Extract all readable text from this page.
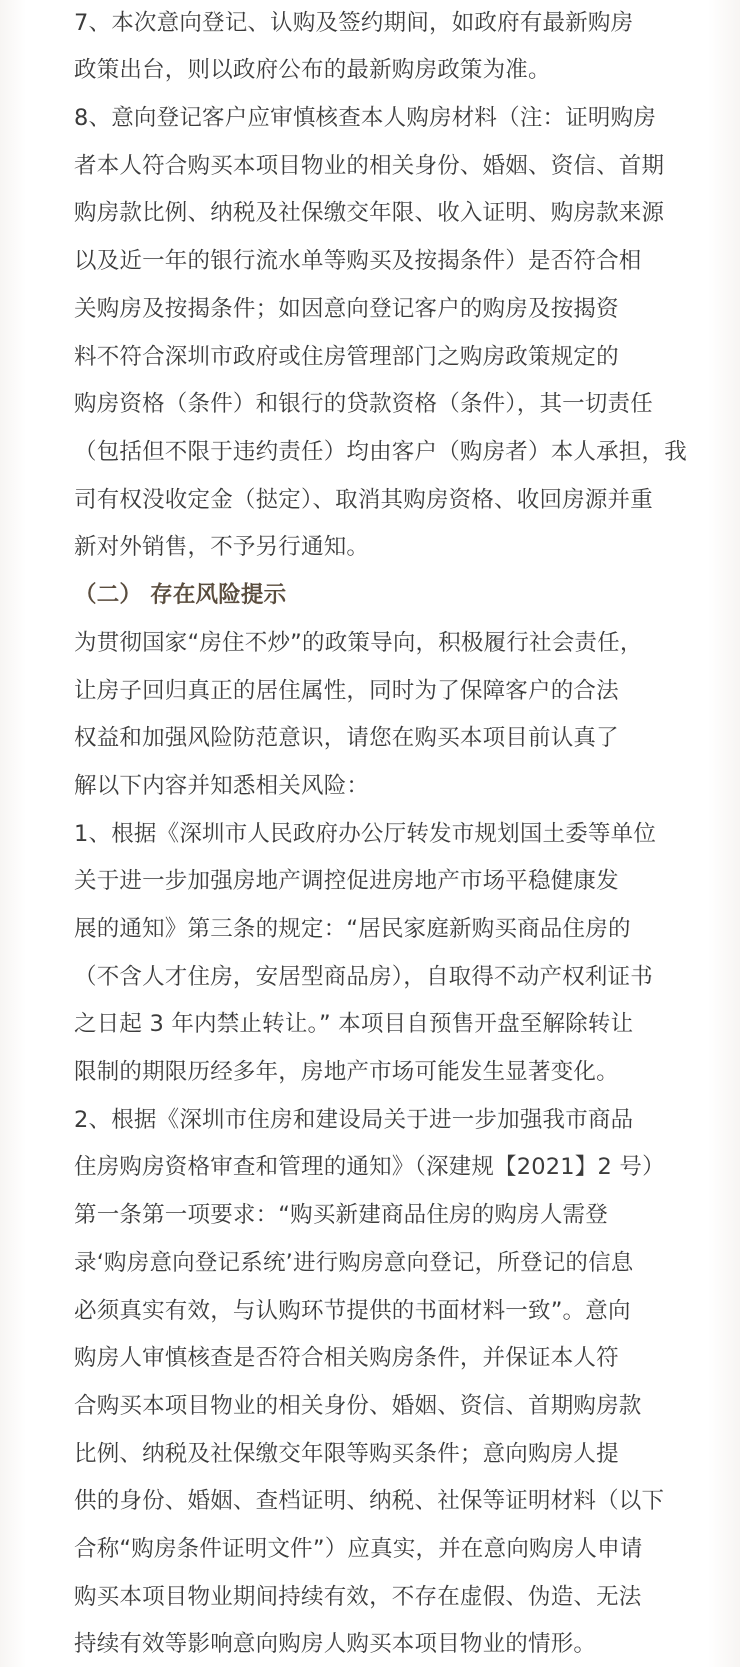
7、本次意向登记、认购及签约期间，如政府有最新购房
政策出台，则以政府公布的最新购房政策为准。
8、意向登记客户应审慎核查本人购房材料（注：证明购房
者本人符合购买本项目物业的相关身份、婚姻、资信、首期
购房款比例、纳税及社保缴交年限、收入证明、购房款来源
以及近一年的银行流水单等购买及按揭条件）是否符合相
关购房及按揭条件；如因意向登记客户的购房及按揭资
料不符合深圳市政府或住房管理部门之购房政策规定的
购房资格（条件）和银行的贷款资格（条件），其一切责任
（包括但不限于违约责任）均由客户（购房者）本人承担，我
司有权没收定金（挞定）、取消其购房资格、收回房源并重
新对外销售，不予另行通知。
（二） 存在风险提示
为贯彻国家“房住不炒”的政策导向，积极履行社会责任，
让房子回归真正的居住属性，同时为了保障客户的合法
权益和加强风险防范意识，请您在购买本项目前认真了
解以下内容并知悉相关风险：
1、根据《深圳市人民政府办公厅转发市规划国土委等单位
关于进一步加强房地产调控促进房地产市场平稳健康发
展的通知》第三条的规定：“居民家庭新购买商品住房的
（不含人才住房，安居型商品房），自取得不动产权利证书
之日起 3 年内禁止转让。” 本项目自预售开盘至解除转让
限制的期限历经多年，房地产市场可能发生显著变化。
2、根据《深圳市住房和建设局关于进一步加强我市商品
住房购房资格审查和管理的通知》（深建规【2021】2 号）
第一条第一项要求：“购买新建商品住房的购房人需登
录‘购房意向登记系统’进行购房意向登记，所登记的信息
必须真实有效，与认购环节提供的书面材料一致”。意向
购房人审慎核查是否符合相关购房条件，并保证本人符
合购买本项目物业的相关身份、婚姻、资信、首期购房款
比例、纳税及社保缴交年限等购买条件；意向购房人提
供的身份、婚姻、查档证明、纳税、社保等证明材料（以下
合称“购房条件证明文件”）应真实，并在意向购房人申请
购买本项目物业期间持续有效，不存在虚假、伪造、无法
持续有效等影响意向购房人购买本项目物业的情形。
